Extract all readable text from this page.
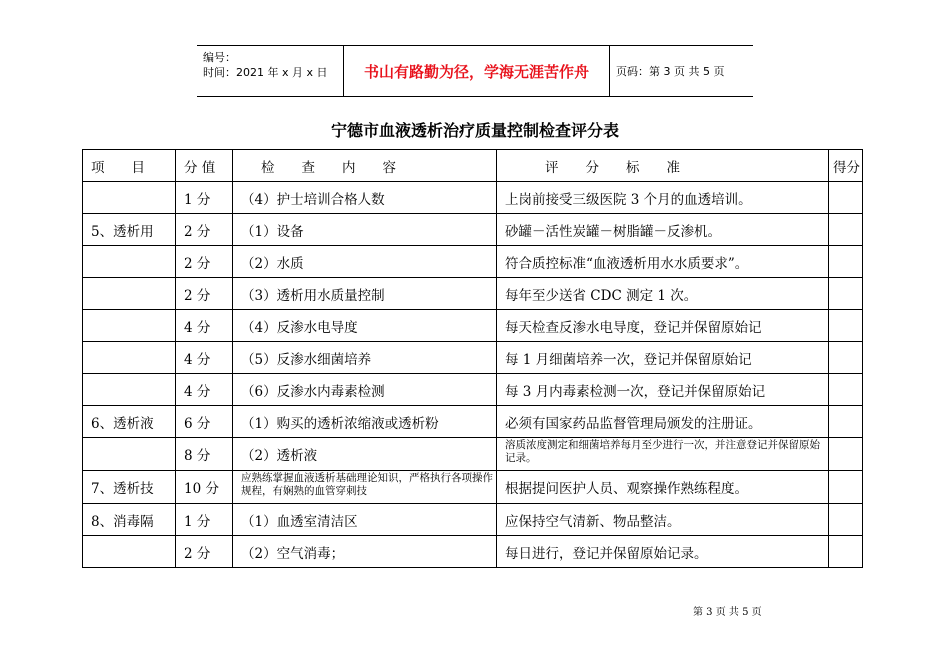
编号：
时间：2021 年 x 月 x 日	书山有路勤为径，学海无涯苦作舟	页码：第 3 页 共 5 页
宁德市血液透析治疗质量控制检查评分表
项　　目	分 值	检　　查　　内　　容	评　　分　　标　　准	得分
	1 分	（4）护士培训合格人数	上岗前接受三级医院 3 个月的血透培训。	
5、透析用	2 分	（1）设备	砂罐－活性炭罐－树脂罐－反渗机。	
	2 分	（2）水质	符合质控标准“血液透析用水水质要求”。	
	2 分	（3）透析用水质量控制	每年至少送省 CDC 测定 1 次。	
	4 分	（4）反渗水电导度	每天检查反渗水电导度，登记并保留原始记	
	4 分	（5）反渗水细菌培养	每 1 月细菌培养一次，登记并保留原始记	
	4 分	（6）反渗水内毒素检测	每 3 月内毒素检测一次，登记并保留原始记	
6、透析液	6 分	（1）购买的透析浓缩液或透析粉	必须有国家药品监督管理局颁发的注册证。	
	8 分	（2）透析液	溶质浓度测定和细菌培养每月至少进行一次，并注意登记并保留原始记录。	
7、透析技	10 分	应熟练掌握血液透析基础理论知识，严格执行各项操作规程，有娴熟的血管穿刺技	根据提问医护人员、观察操作熟练程度。	
8、消毒隔	1 分	（1）血透室清洁区	应保持空气清新、物品整洁。	
	2 分	（2）空气消毒；	每日进行，登记并保留原始记录。	
第 3 页 共 5 页
